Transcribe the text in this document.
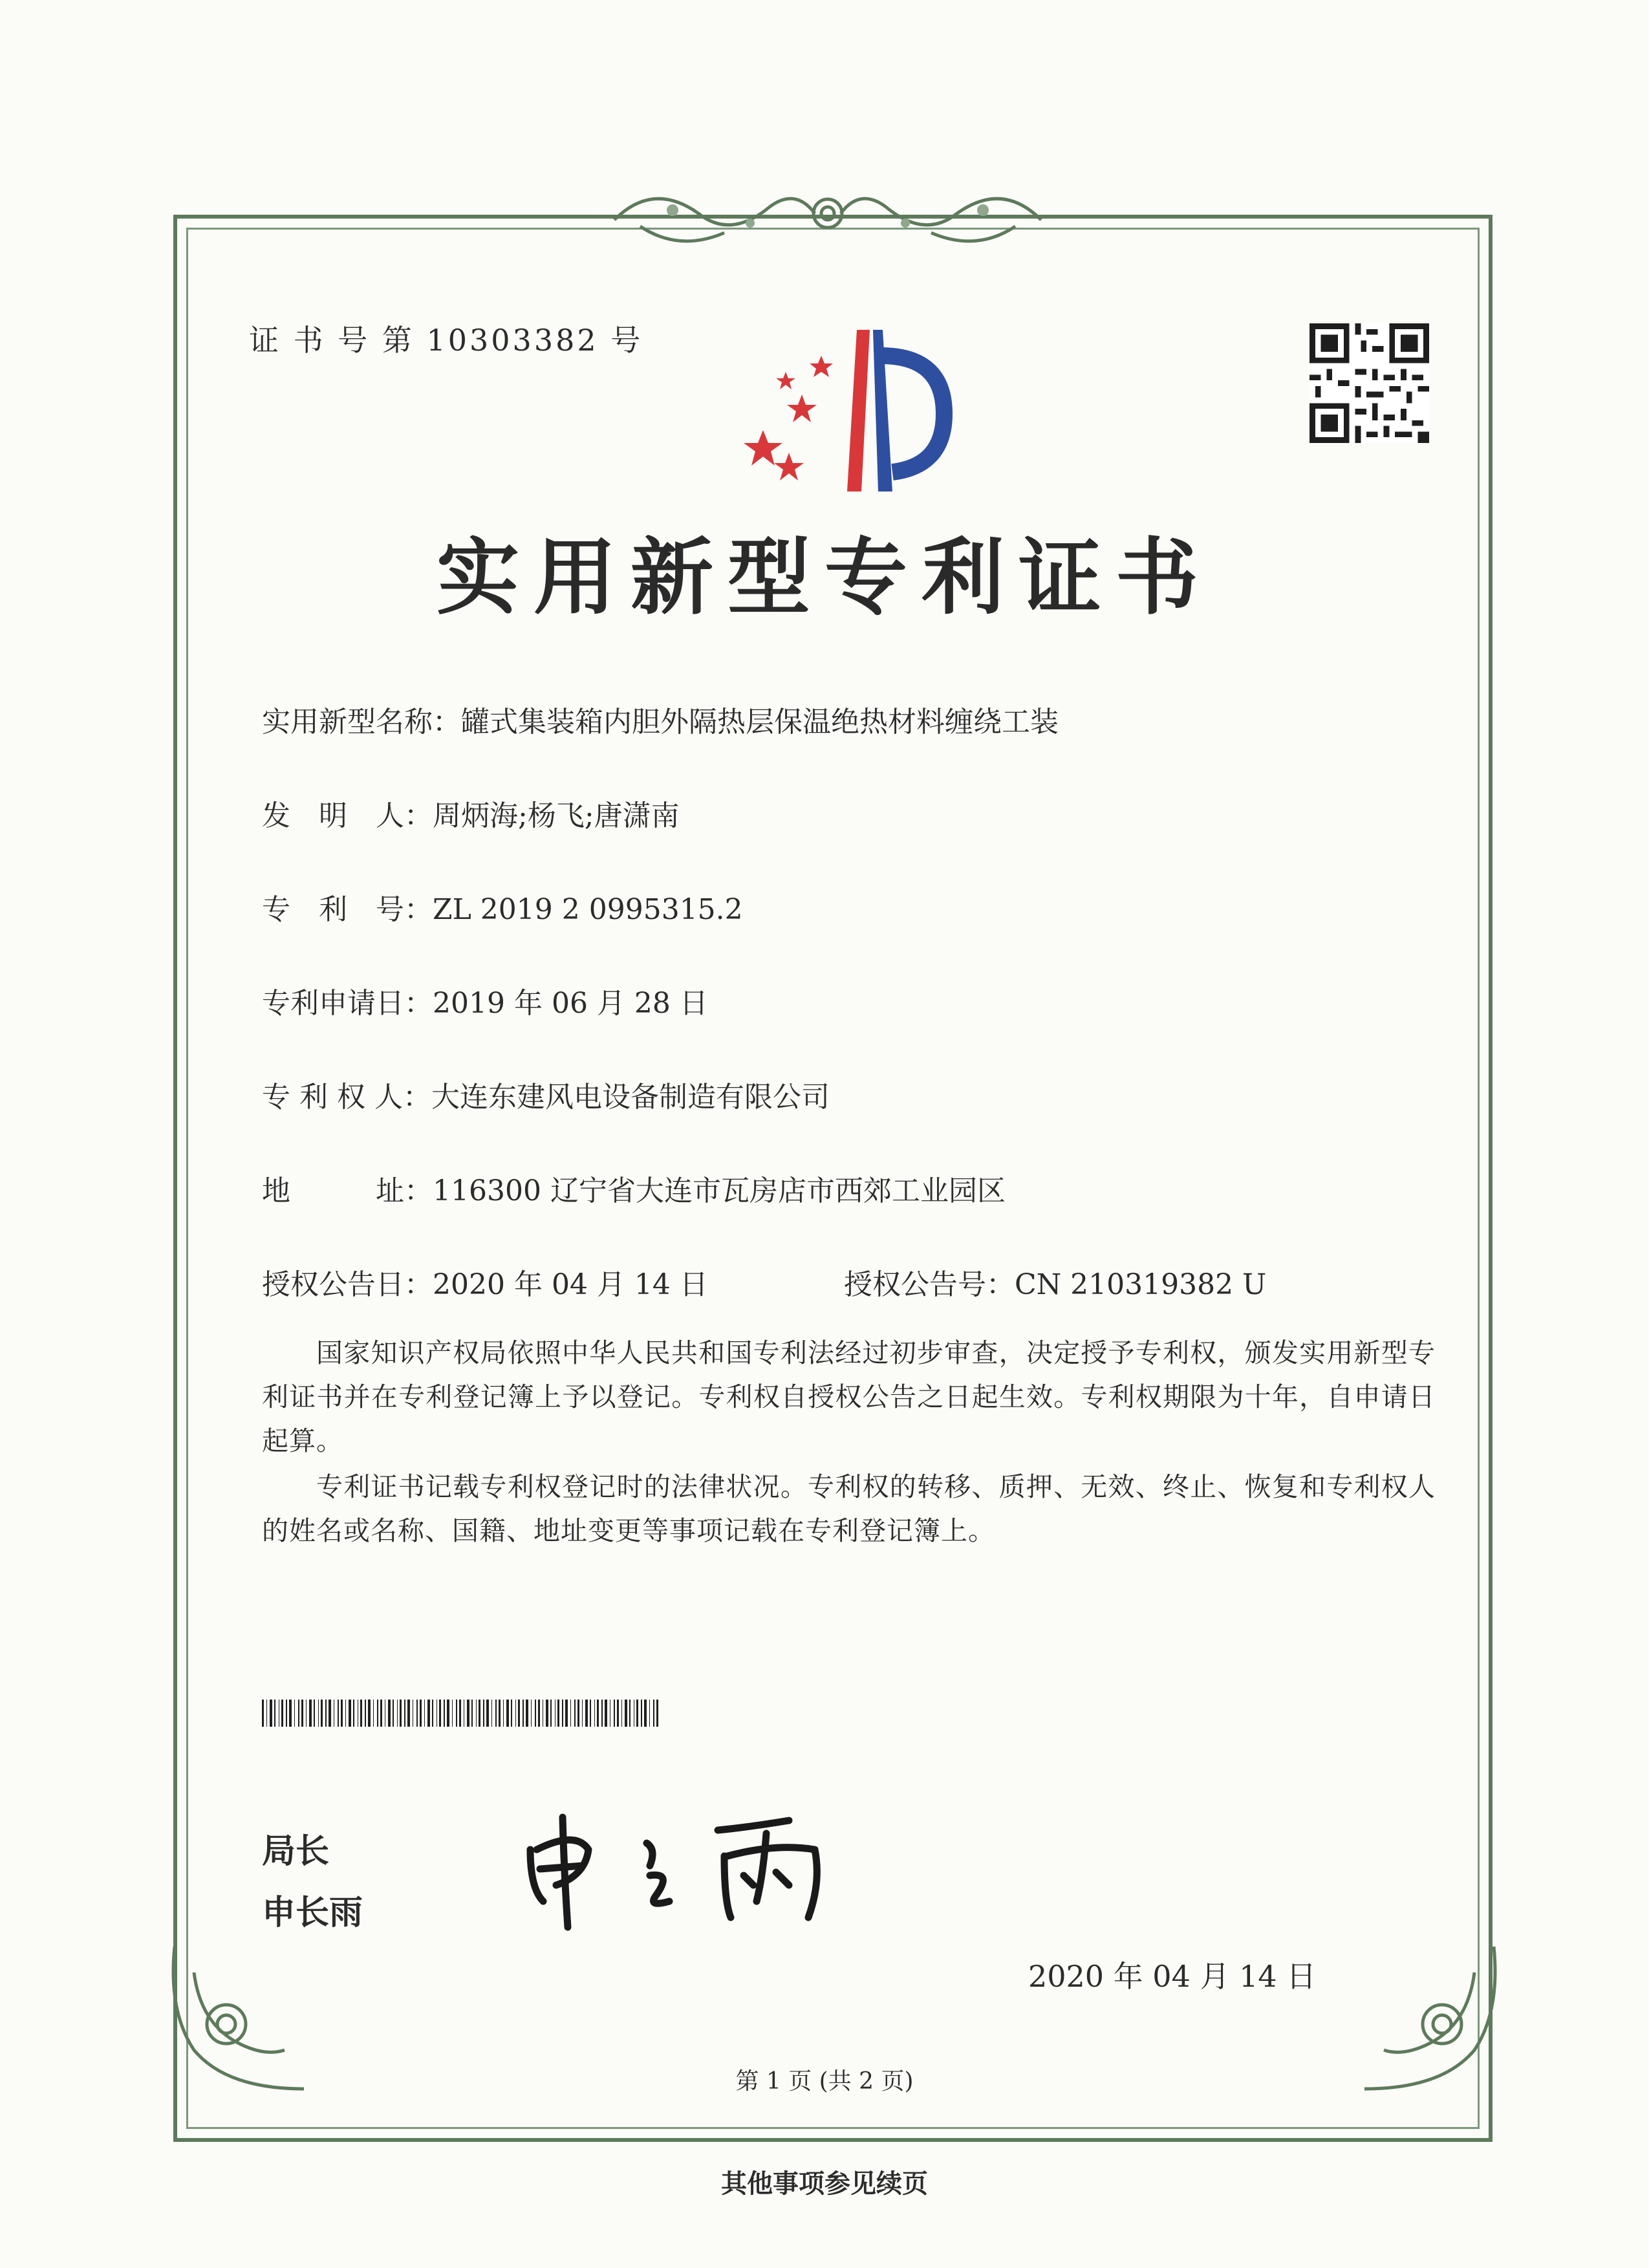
证 书 号 第 10303382 号
实用新型专利证书
实用新型名称：罐式集装箱内胆外隔热层保温绝热材料缠绕工装
发　明　人：周炳海;杨飞;唐潇南
专　利　号：ZL 2019 2 0995315.2
专利申请日：2019 年 06 月 28 日
专 利 权 人：大连东建风电设备制造有限公司
地　　　址：116300 辽宁省大连市瓦房店市西郊工业园区
授权公告日：2020 年 04 月 14 日	授权公告号：CN 210319382 U
国家知识产权局依照中华人民共和国专利法经过初步审查，决定授予专利权，颁发实用新型专利证书并在专利登记簿上予以登记。专利权自授权公告之日起生效。专利权期限为十年，自申请日起算。
专利证书记载专利权登记时的法律状况。专利权的转移、质押、无效、终止、恢复和专利权人的姓名或名称、国籍、地址变更等事项记载在专利登记簿上。
局长
申长雨
2020 年 04 月 14 日
第 1 页 (共 2 页)
其他事项参见续页
